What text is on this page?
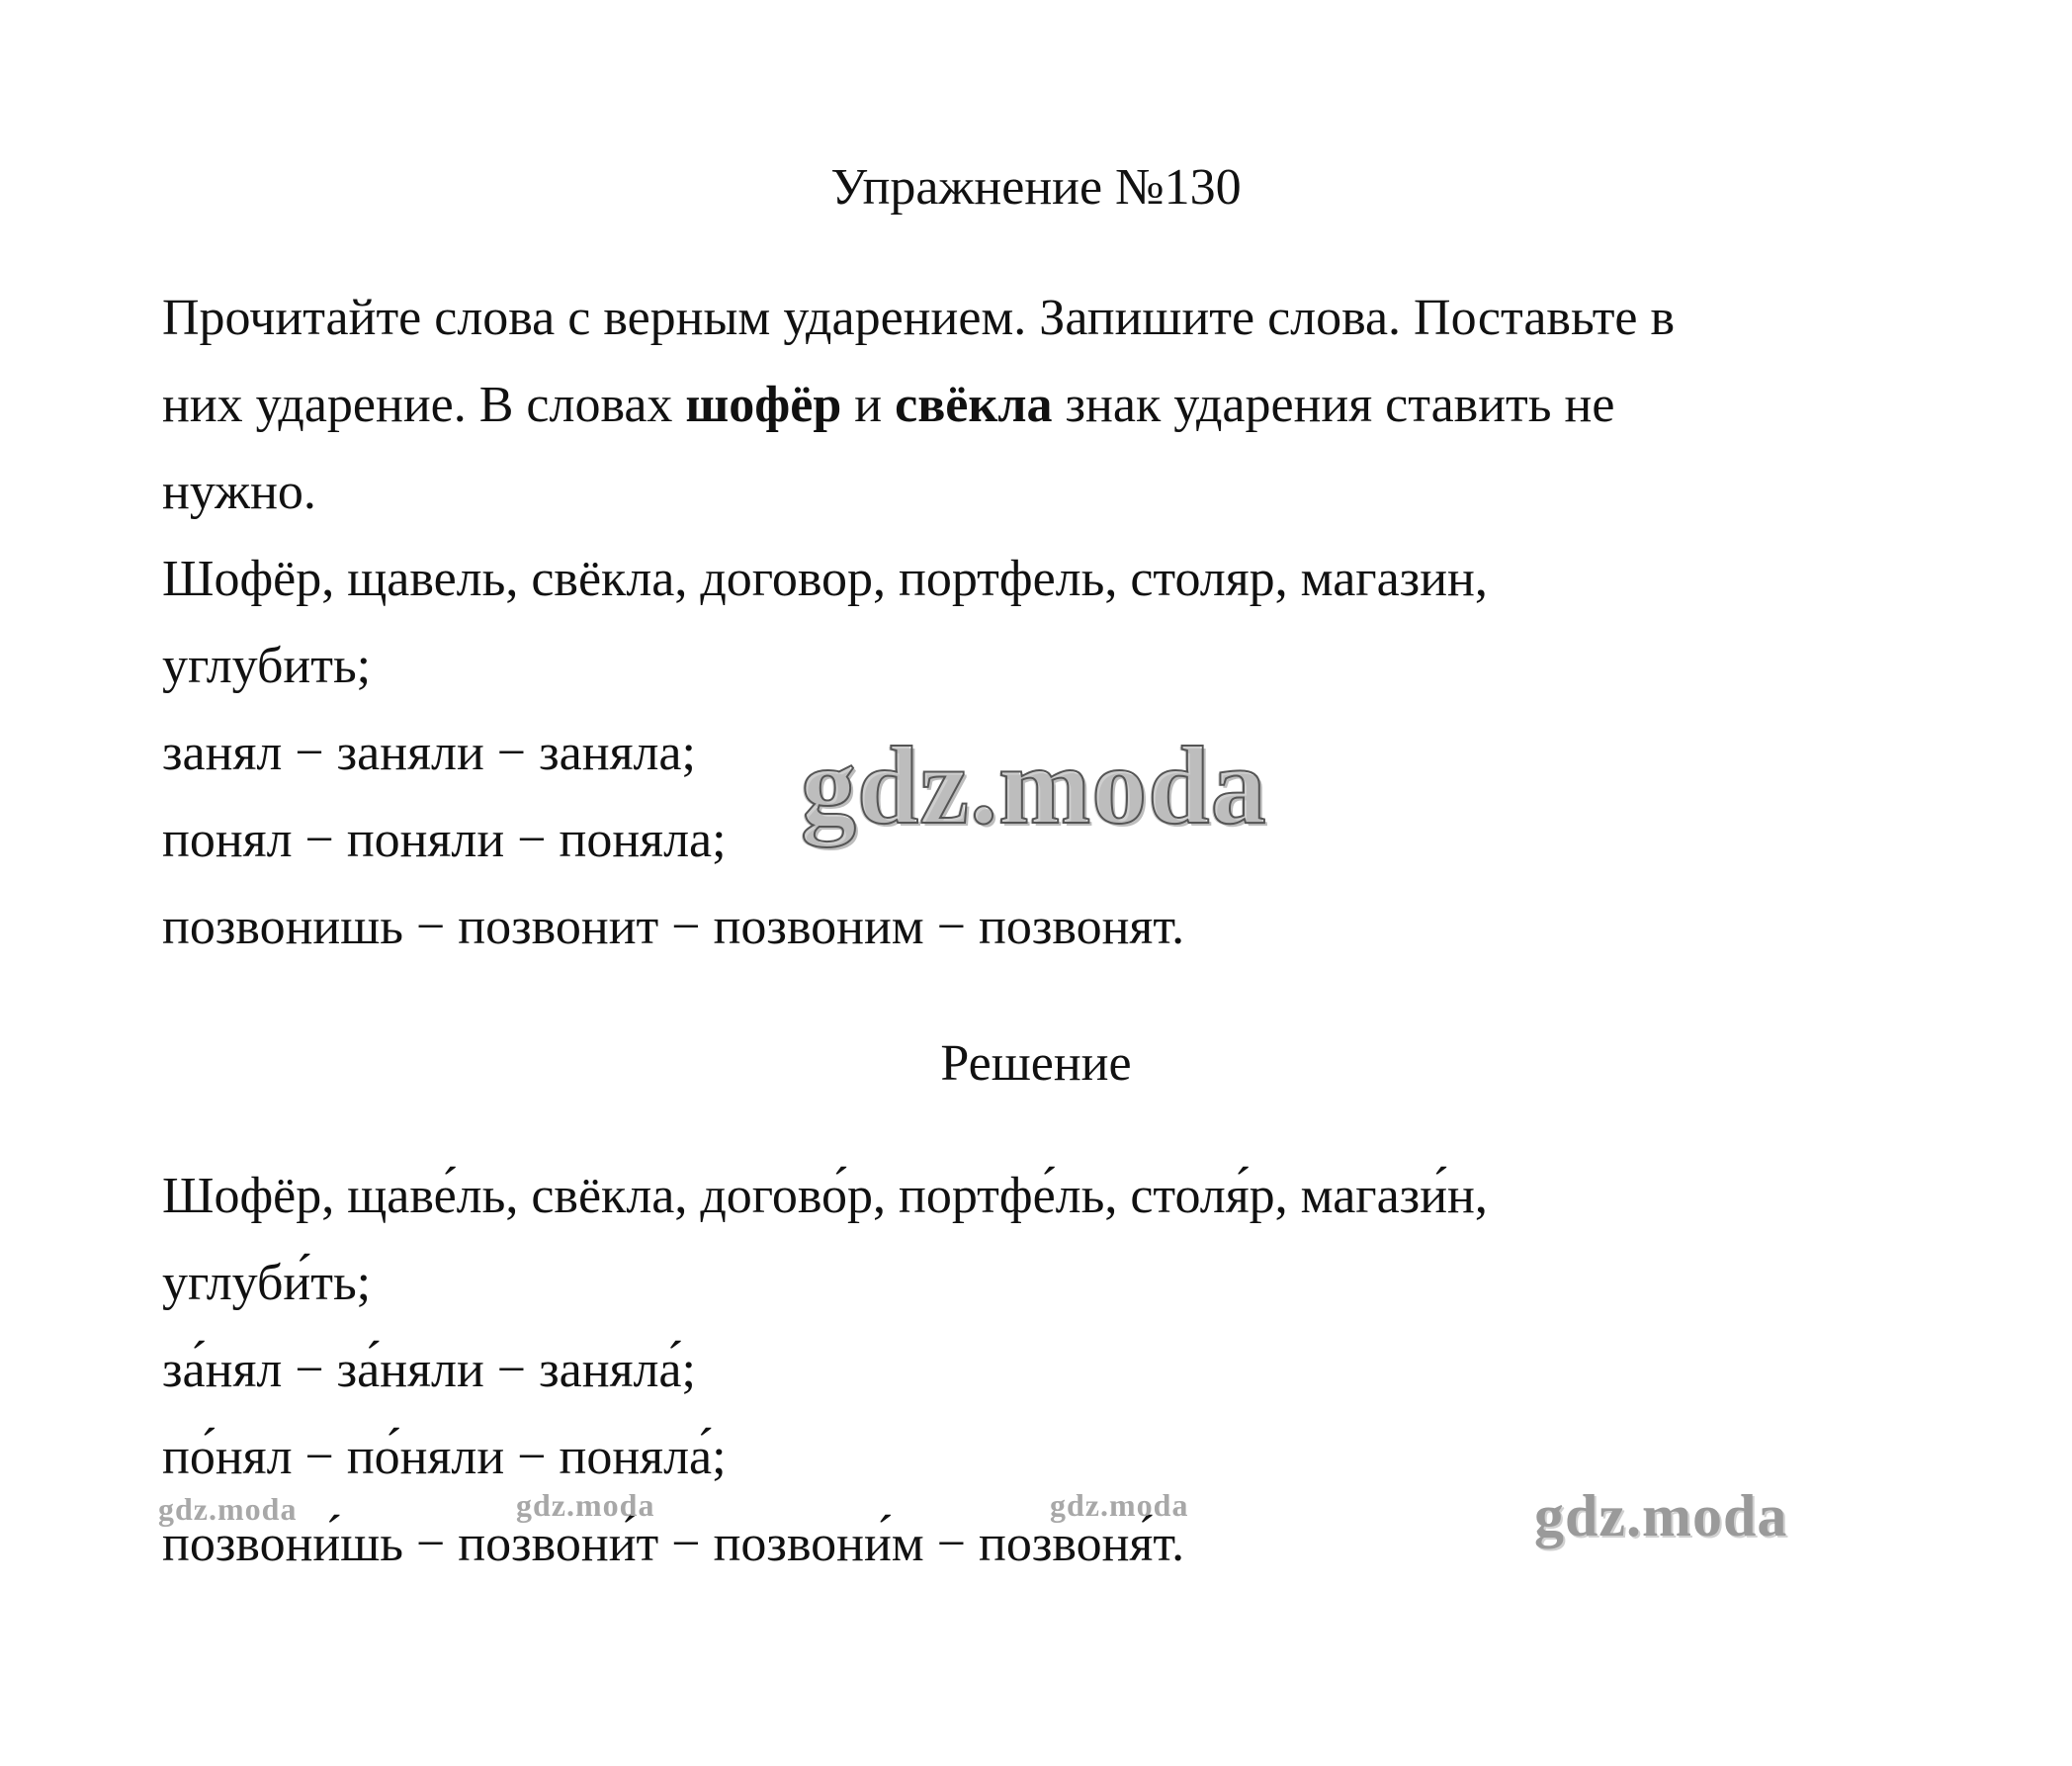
Упражнение №130
Прочитайте слова с верным ударением. Запишите слова. Поставьте в
них ударение. В словах шофёр и свёкла знак ударения ставить не
нужно.
Шофёр, щавель, свёкла, договор, портфель, столяр, магазин,
углубить;
занял − заняли − заняла;
понял − поняли − поняла;
позвонишь − позвонит − позвоним − позвонят.
Решение
Шофёр, щаве́ль, свёкла, догово́р, портфе́ль, столя́р, магази́н,
углуби́ть;
за́нял − за́няли − заняла́;
по́нял − по́няли − поняла́;
позвони́шь − позвони́т − позвони́м − позвоня́т.
gdz.moda
gdz.moda
gdz.moda	gdz.moda	gdz.moda
